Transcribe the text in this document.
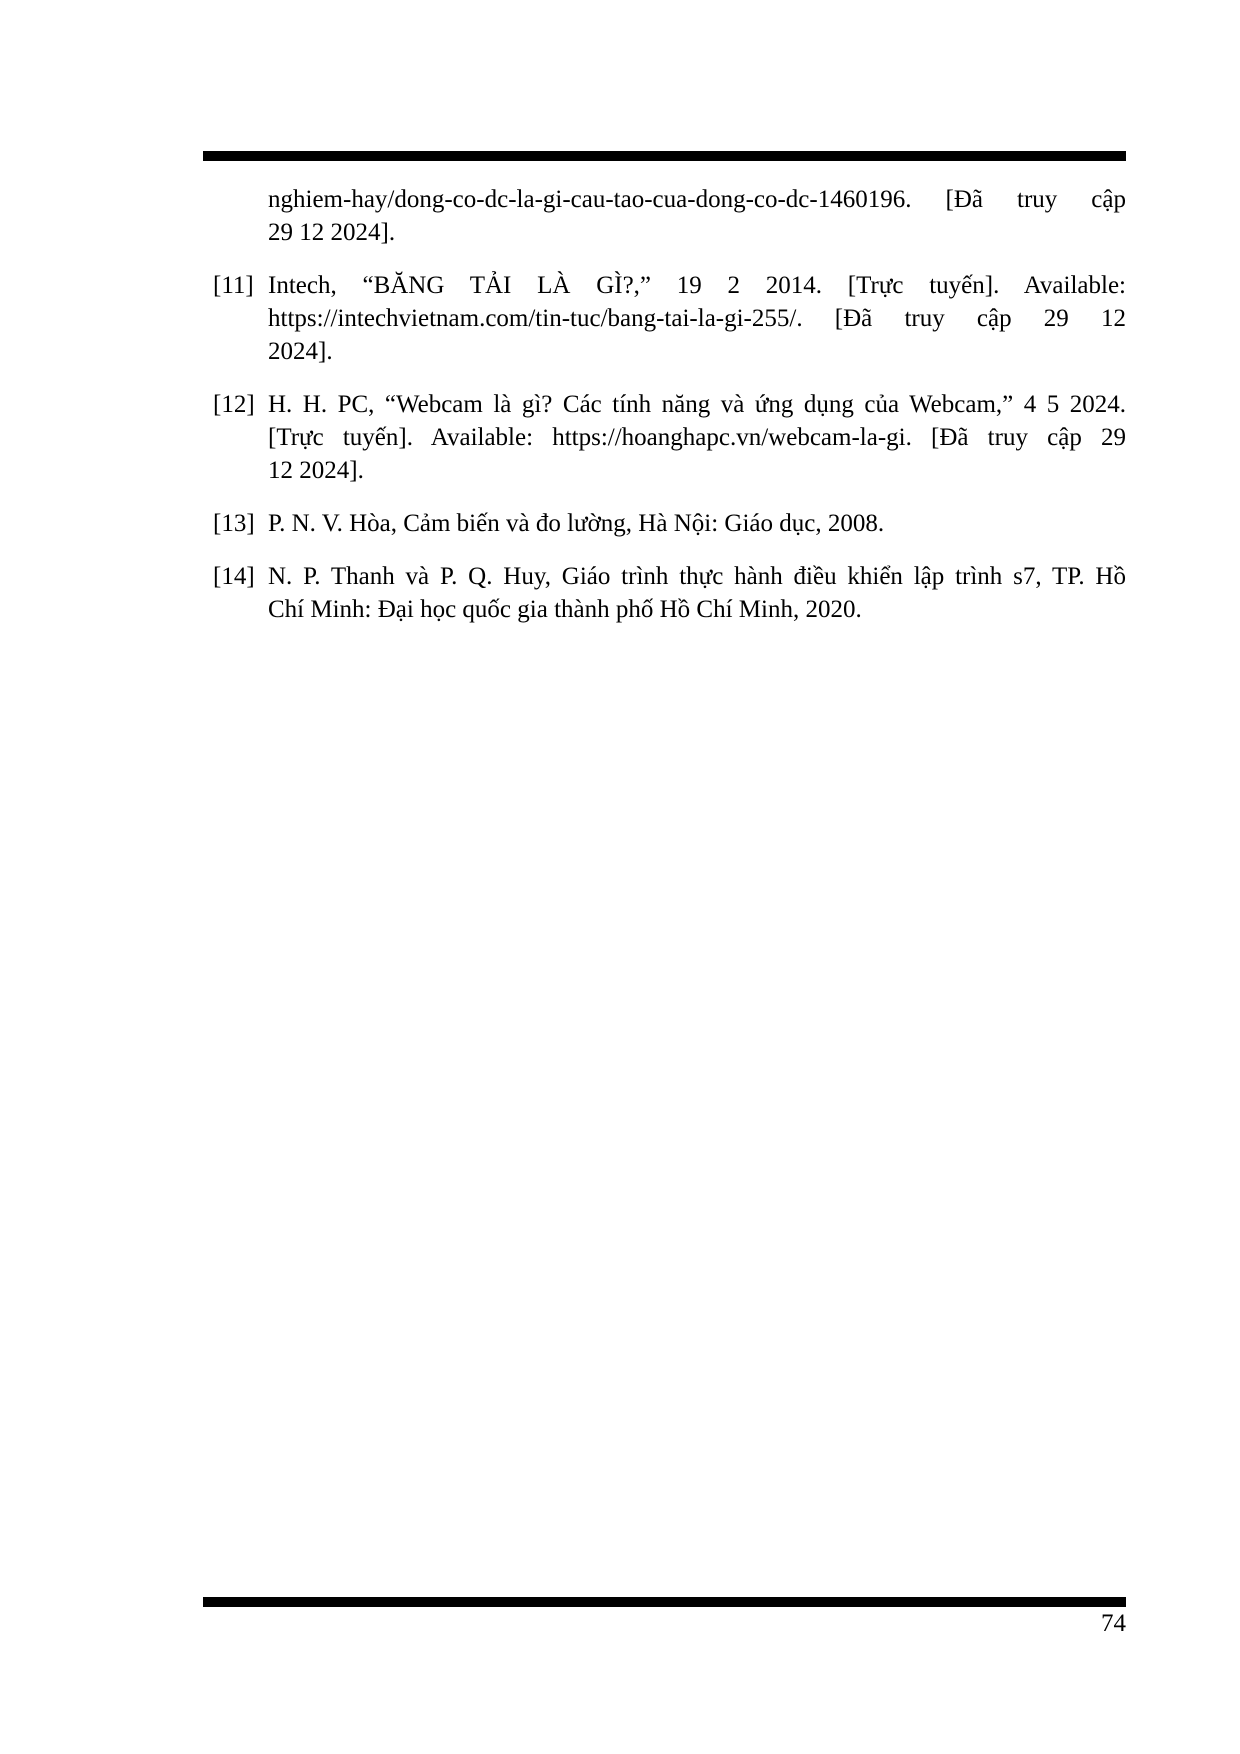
nghiem-hay/dong-co-dc-la-gi-cau-tao-cua-dong-co-dc-1460196. [Đã truy cập
29 12 2024].
[11] Intech, “BĂNG TẢI LÀ GÌ?,” 19 2 2014. [Trực tuyến]. Available:
https://intechvietnam.com/tin-tuc/bang-tai-la-gi-255/. [Đã truy cập 29 12
2024].
[12] H. H. PC, “Webcam là gì? Các tính năng và ứng dụng của Webcam,” 4 5 2024.
[Trực tuyến]. Available: https://hoanghapc.vn/webcam-la-gi. [Đã truy cập 29
12 2024].
[13] P. N. V. Hòa, Cảm biến và đo lường, Hà Nội: Giáo dục, 2008.
[14] N. P. Thanh và P. Q. Huy, Giáo trình thực hành điều khiển lập trình s7, TP. Hồ
Chí Minh: Đại học quốc gia thành phố Hồ Chí Minh, 2020.
74
